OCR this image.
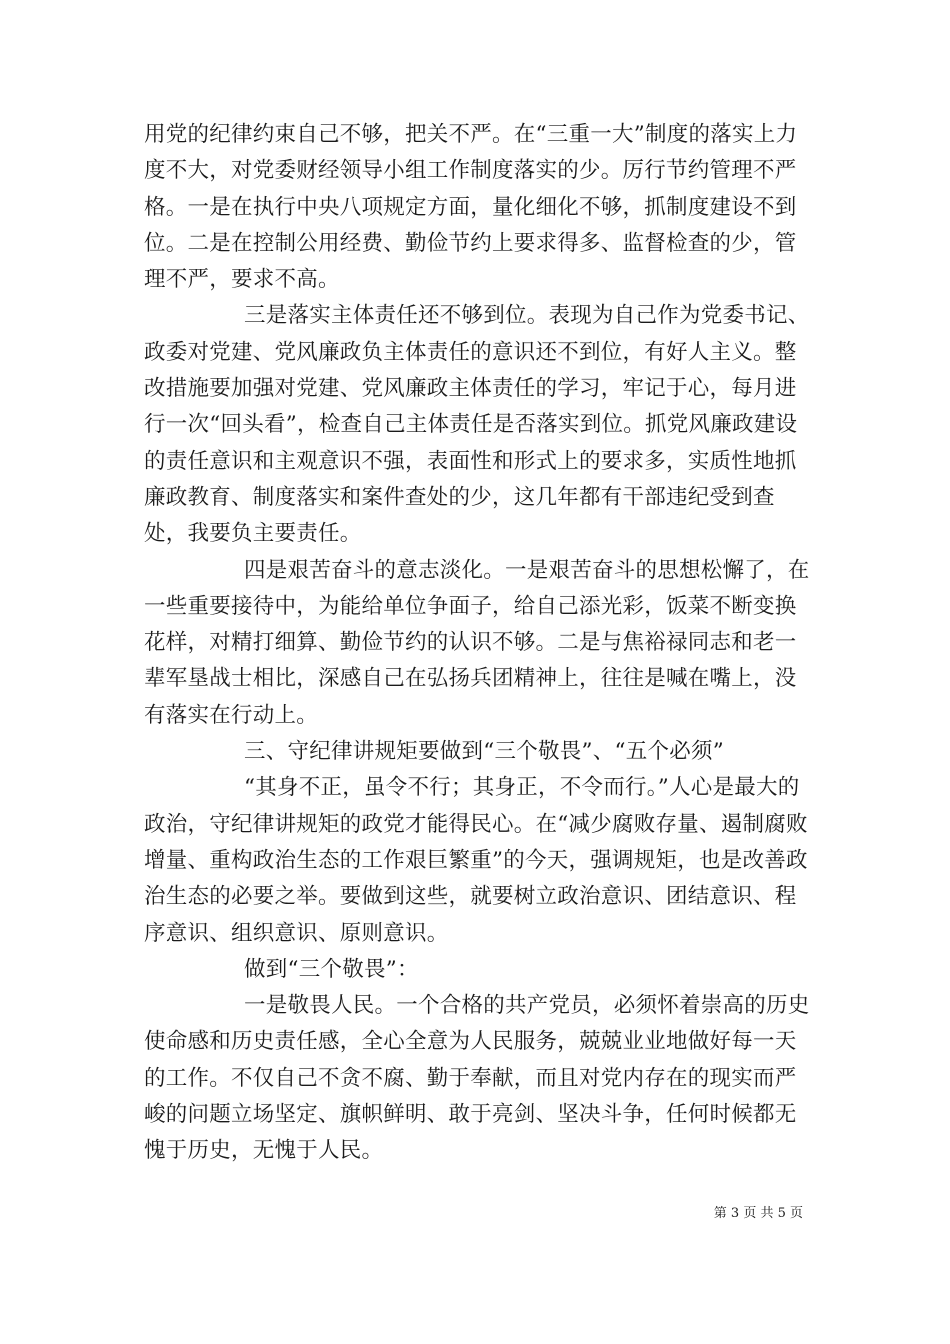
用党的纪律约束自己不够，把关不严。在“三重一大”制度的落实上力度不大，对党委财经领导小组工作制度落实的少。厉行节约管理不严格。一是在执行中央八项规定方面，量化细化不够，抓制度建设不到位。二是在控制公用经费、勤俭节约上要求得多、监督检查的少，管理不严，要求不高。

三是落实主体责任还不够到位。表现为自己作为党委书记、政委对党建、党风廉政负主体责任的意识还不到位，有好人主义。整改措施要加强对党建、党风廉政主体责任的学习，牢记于心，每月进行一次“回头看”，检查自己主体责任是否落实到位。抓党风廉政建设的责任意识和主观意识不强，表面性和形式上的要求多，实质性地抓廉政教育、制度落实和案件查处的少，这几年都有干部违纪受到查处，我要负主要责任。

四是艰苦奋斗的意志淡化。一是艰苦奋斗的思想松懈了，在一些重要接待中，为能给单位争面子，给自己添光彩，饭菜不断变换花样，对精打细算、勤俭节约的认识不够。二是与焦裕禄同志和老一辈军垦战士相比，深感自己在弘扬兵团精神上，往往是喊在嘴上，没有落实在行动上。

三、守纪律讲规矩要做到“三个敬畏”、“五个必须”

“其身不正，虽令不行；其身正，不令而行。”人心是最大的政治，守纪律讲规矩的政党才能得民心。在“减少腐败存量、遏制腐败增量、重构政治生态的工作艰巨繁重”的今天，强调规矩，也是改善政治生态的必要之举。要做到这些，就要树立政治意识、团结意识、程序意识、组织意识、原则意识。

做到“三个敬畏”：

一是敬畏人民。一个合格的共产党员，必须怀着崇高的历史使命感和历史责任感，全心全意为人民服务，兢兢业业地做好每一天的工作。不仅自己不贪不腐、勤于奉献，而且对党内存在的现实而严峻的问题立场坚定、旗帜鲜明、敢于亮剑、坚决斗争，任何时候都无愧于历史，无愧于人民。

第 3 页 共 5 页
